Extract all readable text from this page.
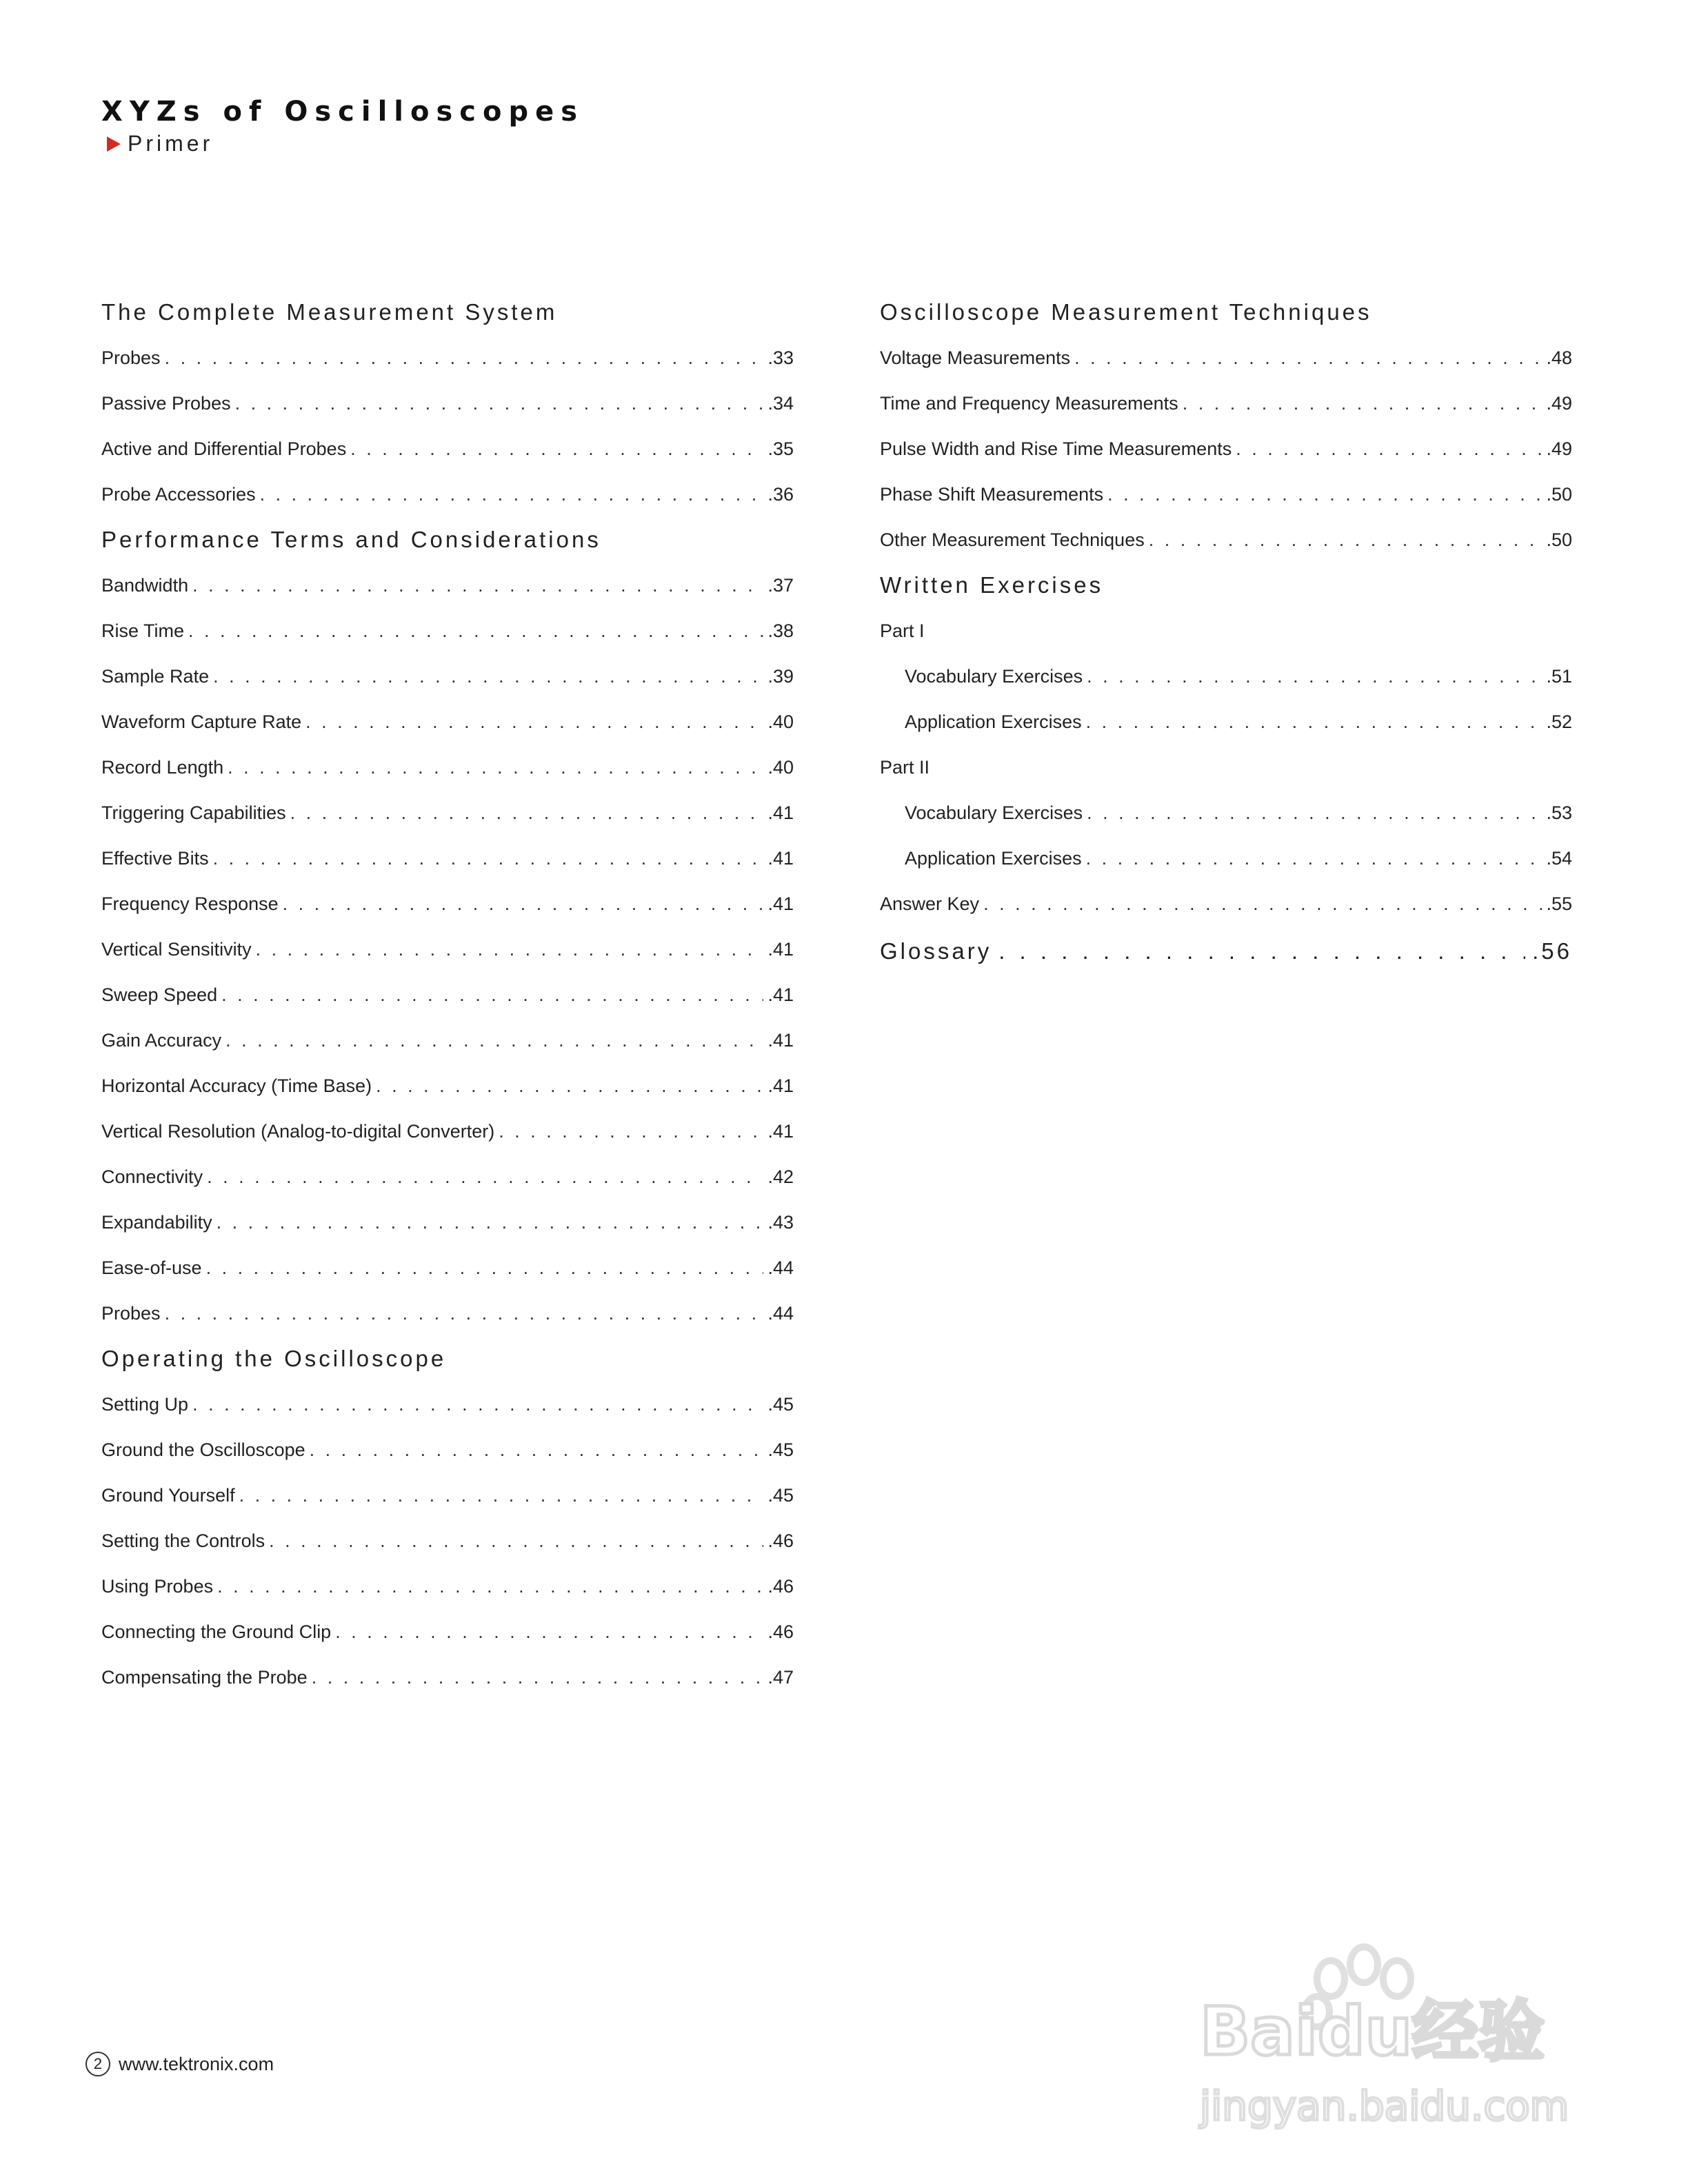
XYZs of Oscilloscopes
Primer
The Complete Measurement System
Probes . . .	.33
Passive Probes . . .	.34
Active and Differential Probes . . .	.35
Probe Accessories . . .	.36
Performance Terms and Considerations
Bandwidth . . .	.37
Rise Time . . .	.38
Sample Rate . . .	.39
Waveform Capture Rate . . .	.40
Record Length . . .	.40
Triggering Capabilities . . .	.41
Effective Bits . . .	.41
Frequency Response . . .	.41
Vertical Sensitivity . . .	.41
Sweep Speed . . .	.41
Gain Accuracy . . .	.41
Horizontal Accuracy (Time Base) . . .	.41
Vertical Resolution (Analog-to-digital Converter) . . .	.41
Connectivity . . .	.42
Expandability . . .	.43
Ease-of-use . . .	.44
Probes . . .	.44
Operating the Oscilloscope
Setting Up . . .	.45
Ground the Oscilloscope . . .	.45
Ground Yourself . . .	.45
Setting the Controls . . .	.46
Using Probes . . .	.46
Connecting the Ground Clip . . .	.46
Compensating the Probe . . .	.47
Oscilloscope Measurement Techniques
Voltage Measurements . . .	.48
Time and Frequency Measurements . . .	.49
Pulse Width and Rise Time Measurements . . .	.49
Phase Shift Measurements . . .	.50
Other Measurement Techniques . . .	.50
Written Exercises
Part I
Vocabulary Exercises . . .	.51
Application Exercises . . .	.52
Part II
Vocabulary Exercises . . .	.53
Application Exercises . . .	.54
Answer Key . . .	.55
Glossary . . .	.56
2 www.tektronix.com	Baidu经验
jingyan.baidu.com
